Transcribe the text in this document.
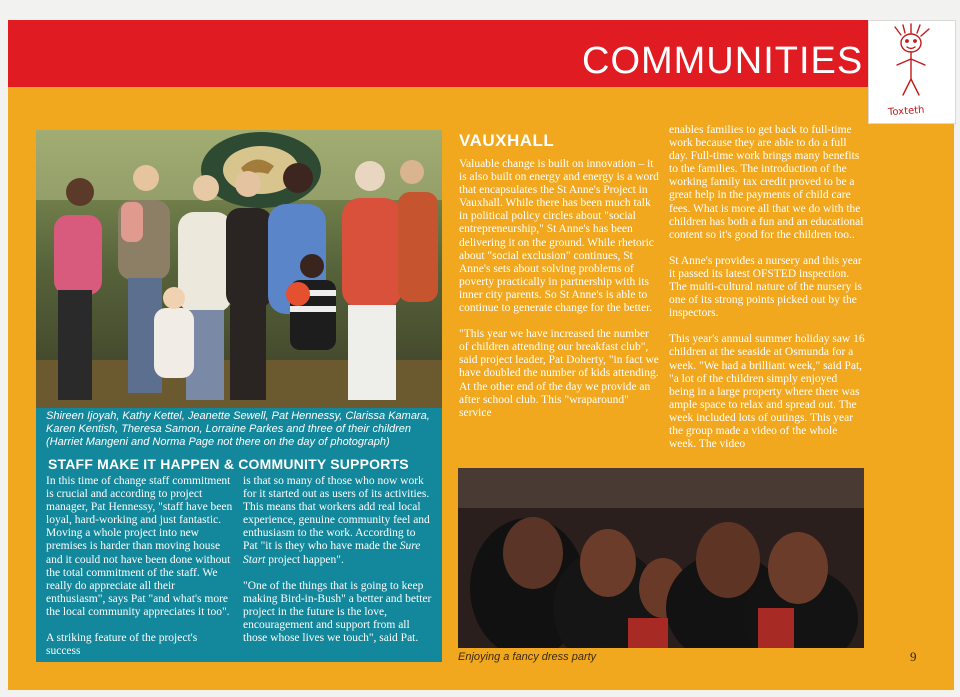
COMMUNITIES
Toxteth
Shireen Ijoyah, Kathy Kettel, Jeanette Sewell, Pat Hennessy, Clarissa Kamara, Karen Kentish, Theresa Samon, Lorraine Parkes and three of their children (Harriet Mangeni and Norma Page not there on the day of photograph)
STAFF MAKE IT HAPPEN & COMMUNITY SUPPORTS

In this time of change staff commitment is crucial and according to project manager, Pat Hennessy, "staff have been loyal, hard-working and just fantastic. Moving a whole project into new premises is harder than moving house and it could not have been done without the total commitment of the staff. We really do appreciate all their enthusiasm", says Pat "and what's more the local community appreciates it too".

A striking feature of the project's success

is that so many of those who now work for it started out as users of its activities. This means that workers add real local experience, genuine community feel and enthusiasm to the work. According to Pat "it is they who have made the Sure Start project happen".

"One of the things that is going to keep making Bird-in-Bush" a better and better project in the future is the love, encouragement and support from all those whose lives we touch", said Pat.

VAUXHALL

Valuable change is built on innovation – it is also built on energy and energy is a word that encapsulates the St Anne's Project in Vauxhall. While there has been much talk in political policy circles about "social entrepreneurship," St Anne's has been delivering it on the ground. While rhetoric about "social exclusion" continues, St Anne's sets about solving problems of poverty practically in partnership with its inner city parents. So St Anne's is able to continue to generate change for the better.

"This year we have increased the number of children attending our breakfast club", said project leader, Pat Doherty, "in fact we have doubled the number of kids attending. At the other end of the day we provide an after school club. This "wraparound" service

enables families to get back to full-time work because they are able to do a full day. Full-time work brings many benefits to the families. The introduction of the working family tax credit proved to be a great help in the payments of child care fees. What is more all that we do with the children has both a fun and an educational content so it's good for the children too..

St Anne's provides a nursery and this year it passed its latest OFSTED inspection. The multi-cultural nature of the nursery is one of its strong points picked out by the inspectors.

This year's annual summer holiday saw 16 children at the seaside at Osmunda for a week. "We had a brilliant week," said Pat, "a lot of the children simply enjoyed being in a large property where there was ample space to relax and spread out. The week included lots of outings. This year the group made a video of the whole week. The video

Enjoying a fancy dress party	9
